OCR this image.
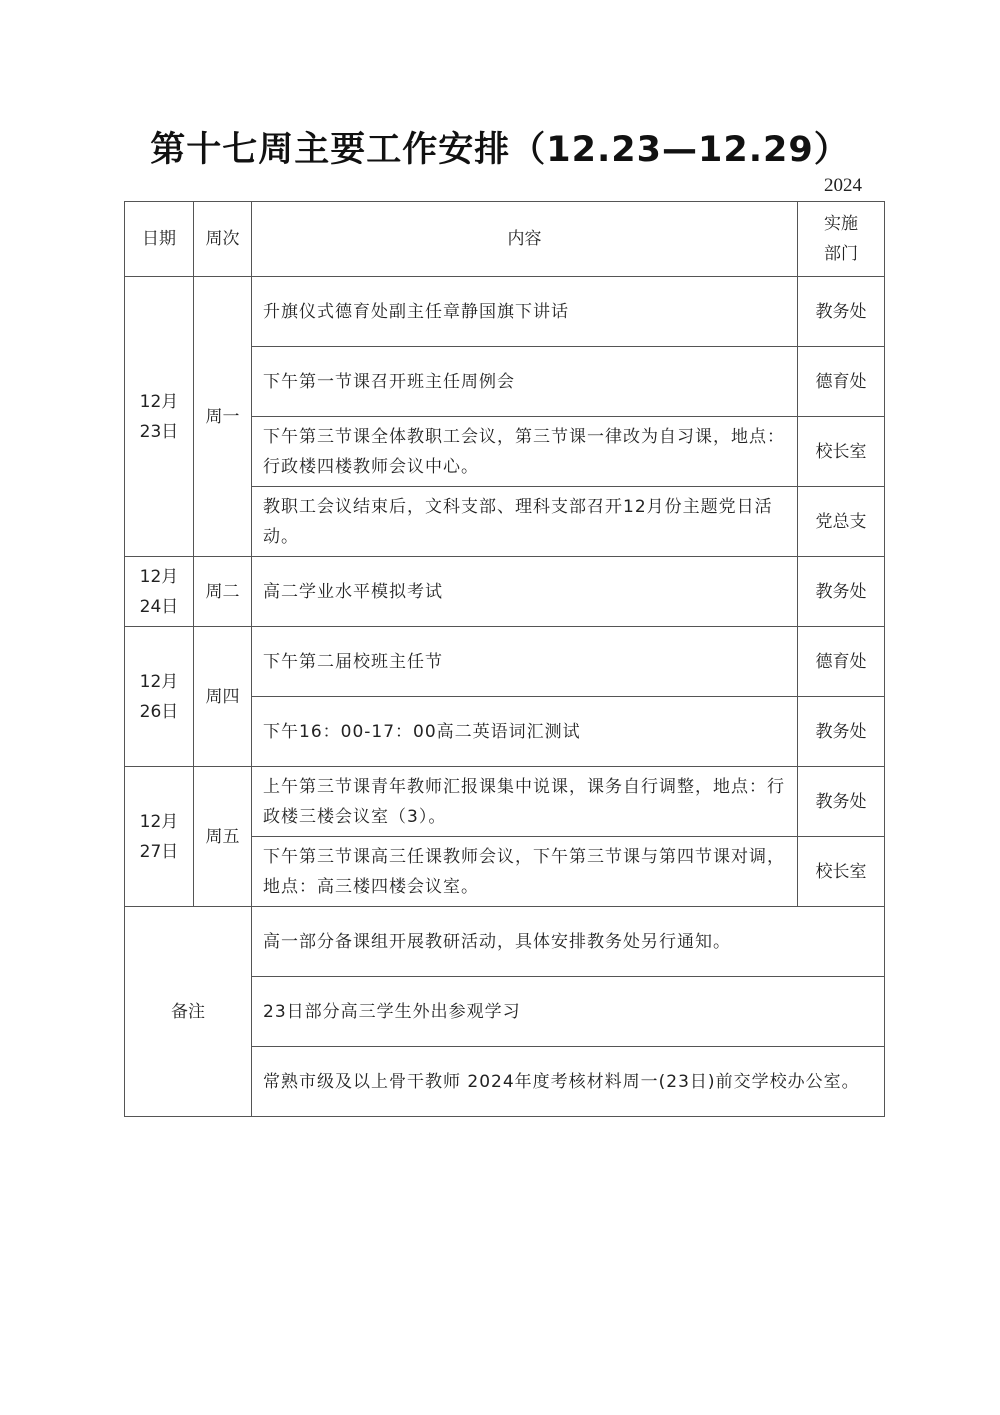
第十七周主要工作安排（12.23—12.29）
2024
日期	周次	内容	实施
部门

12月
23日	周一	升旗仪式德育处副主任章静国旗下讲话	教务处
		下午第一节课召开班主任周例会	德育处
		下午第三节课全体教职工会议，第三节课一律改为自习课，地点：行政楼四楼教师会议中心。	校长室
		教职工会议结束后，文科支部、理科支部召开12月份主题党日活动。	党总支

12月
24日	周二	高二学业水平模拟考试	教务处

12月
26日	周四	下午第二届校班主任节	德育处
		下午16：00-17：00高二英语词汇测试	教务处

12月
27日	周五	上午第三节课青年教师汇报课集中说课，课务自行调整，地点：行政楼三楼会议室（3）。	教务处
		下午第三节课高三任课教师会议，下午第三节课与第四节课对调，地点：高三楼四楼会议室。	校长室
备注		高一部分备课组开展教研活动，具体安排教务处另行通知。	
		23日部分高三学生外出参观学习	
		常熟市级及以上骨干教师 2024年度考核材料周一(23日)前交学校办公室。	
